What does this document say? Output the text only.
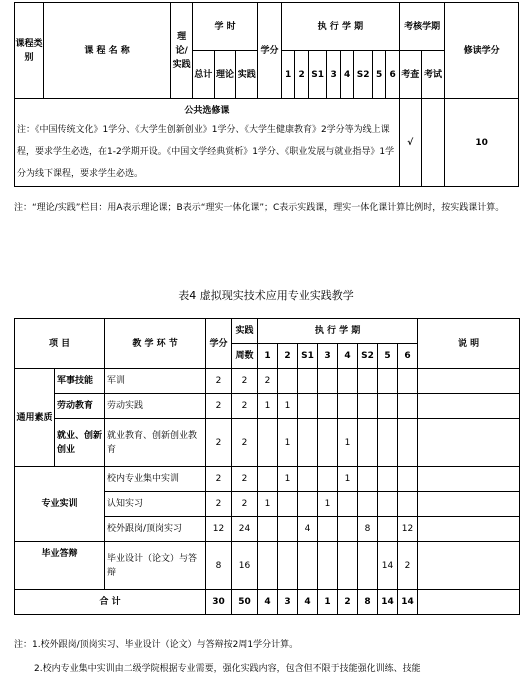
课程类别	课 程 名 称	理论/实践	学 时			学分	执 行 学 期								考核学期		修读学分
			总计	理论	实践		1	2	S1	3	4	S2	5	6	考查	考试	

公共选修课
注：《中国传统文化》1学分、《大学生创新创业》1学分、《大学生健康教育》2学分等为线上课程，要求学生必选，在1-2学期开设。《中国文学经典赏析》1学分、《职业发展与就业指导》1学分为线下课程，要求学生必选。															√		10

注：“理论/实践”栏目：用A表示理论课；B表示“理实一体化课”；C表示实践课，理实一体化课计算比例时，按实践课计算。

表4 虚拟现实技术应用专业实践教学

项 目		教 学 环 节	学分	实践	执 行 学 期								说 明
				周数	1	2	S1	3	4	S2	5	6	
通用素质	军事技能	军训	2	2	2								
	劳动教育	劳动实践	2	2	1	1							
	就业、创新创业	就业教育、创新创业教育	2	2		1			1				
专业实训		校内专业集中实训	2	2		1			1				
		认知实习	2	2	1			1					
		校外跟岗/顶岗实习	12	24			4			8		12	
毕业答辩		毕业设计（论文）与答辩	8	16							14	2	
合 计			30	50	4	3	4	1	2	8	14	14	

注：1.校外跟岗/顶岗实习、毕业设计（论文）与答辩按2周1学分计算。

2.校内专业集中实训由二级学院根据专业需要，强化实践内容，包含但不限于技能强化训练、技能
